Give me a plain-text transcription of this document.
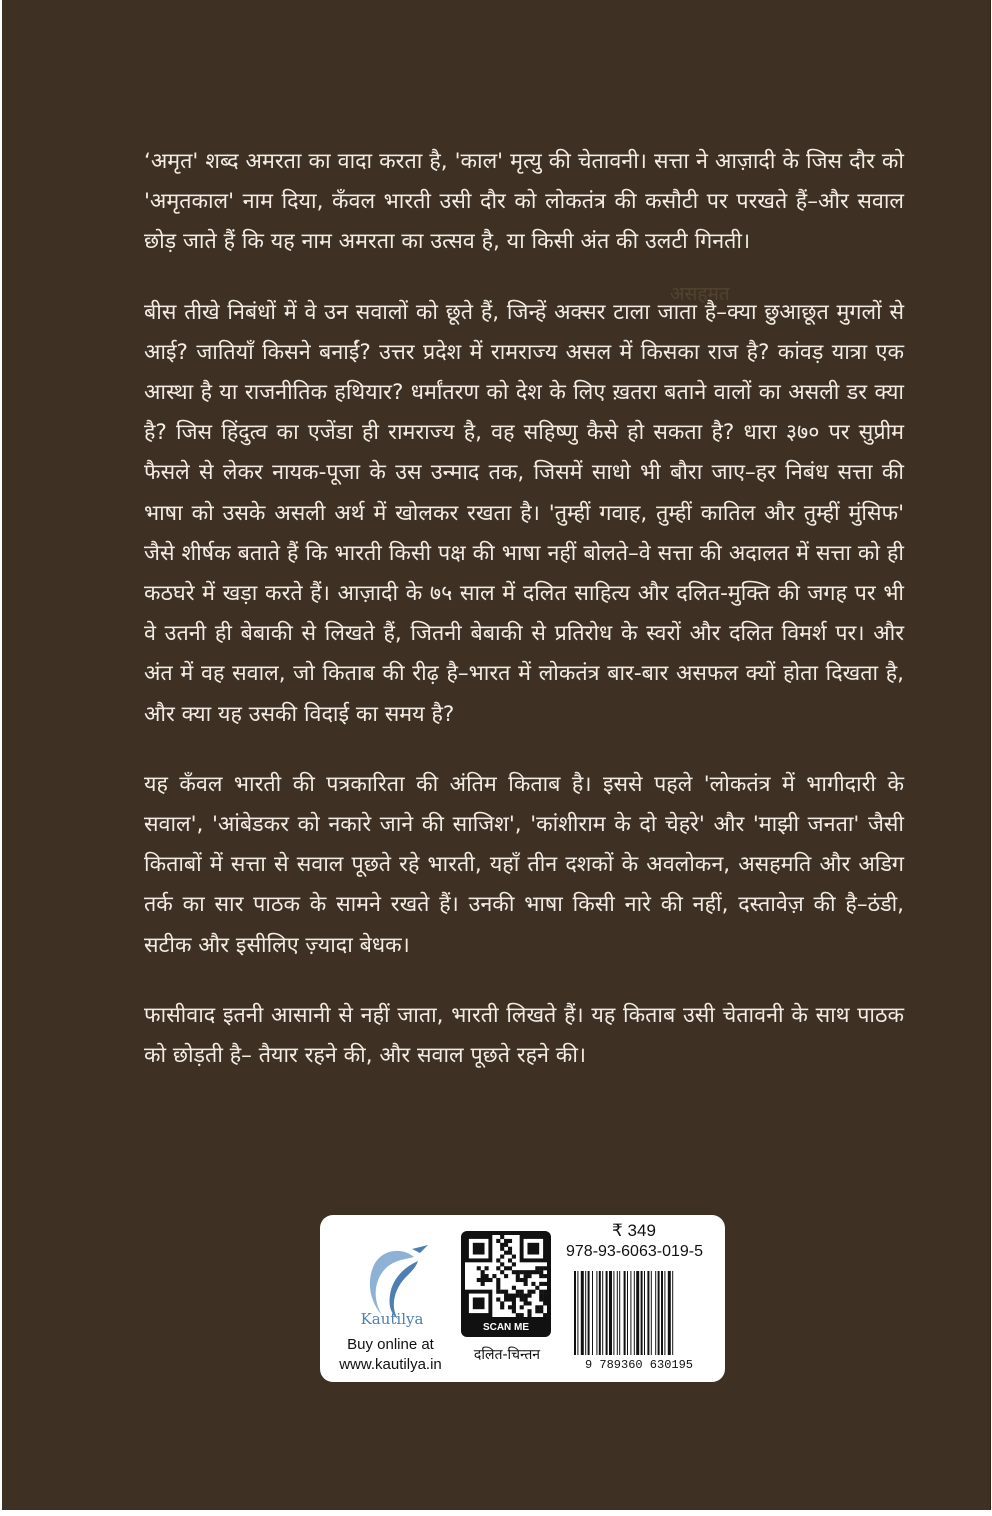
‘अमृत' शब्द अमरता का वादा करता है, 'काल' मृत्यु की चेतावनी। सत्ता ने आज़ादी के जिस दौर को 'अमृतकाल' नाम दिया, कँवल भारती उसी दौर को लोकतंत्र की कसौटी पर परखते हैं–और सवाल छोड़ जाते हैं कि यह नाम अमरता का उत्सव है, या किसी अंत की उलटी गिनती।

बीस तीखे निबंधों में वे उन सवालों को छूते हैं, जिन्हें अक्सर टाला जाता है–क्या छुआछूत मुगलों से आई? जातियाँ किसने बनाईं? उत्तर प्रदेश में रामराज्य असल में किसका राज है? कांवड़ यात्रा एक आस्था है या राजनीतिक हथियार? धर्मांतरण को देश के लिए ख़तरा बताने वालों का असली डर क्या है? जिस हिंदुत्व का एजेंडा ही रामराज्य है, वह सहिष्णु कैसे हो सकता है? धारा ३७० पर सुप्रीम फैसले से लेकर नायक-पूजा के उस उन्माद तक, जिसमें साधो भी बौरा जाए–हर निबंध सत्ता की भाषा को उसके असली अर्थ में खोलकर रखता है। 'तुम्हीं गवाह, तुम्हीं कातिल और तुम्हीं मुंसिफ' जैसे शीर्षक बताते हैं कि भारती किसी पक्ष की भाषा नहीं बोलते–वे सत्ता की अदालत में सत्ता को ही कठघरे में खड़ा करते हैं। आज़ादी के ७५ साल में दलित साहित्य और दलित-मुक्ति की जगह पर भी वे उतनी ही बेबाकी से लिखते हैं, जितनी बेबाकी से प्रतिरोध के स्वरों और दलित विमर्श पर। और अंत में वह सवाल, जो किताब की रीढ़ है–भारत में लोकतंत्र बार-बार असफल क्यों होता दिखता है, और क्या यह उसकी विदाई का समय है?

यह कँवल भारती की पत्रकारिता की अंतिम किताब है। इससे पहले 'लोकतंत्र में भागीदारी के सवाल', 'आंबेडकर को नकारे जाने की साजिश', 'कांशीराम के दो चेहरे' और 'माझी जनता' जैसी किताबों में सत्ता से सवाल पूछते रहे भारती, यहाँ तीन दशकों के अवलोकन, असहमति और अडिग तर्क का सार पाठक के सामने रखते हैं। उनकी भाषा किसी नारे की नहीं, दस्तावेज़ की है–ठंडी, सटीक और इसीलिए ज़्यादा बेधक।

फासीवाद इतनी आसानी से नहीं जाता, भारती लिखते हैं। यह किताब उसी चेतावनी के साथ पाठक को छोड़ती है– तैयार रहने की, और सवाल पूछते रहने की।

असहमत
Kautilya
Buy online at
www.kautilya.in
SCAN ME
दलित-चिन्तन
₹ 349
978-93-6063-019-5
9 789360 630195
